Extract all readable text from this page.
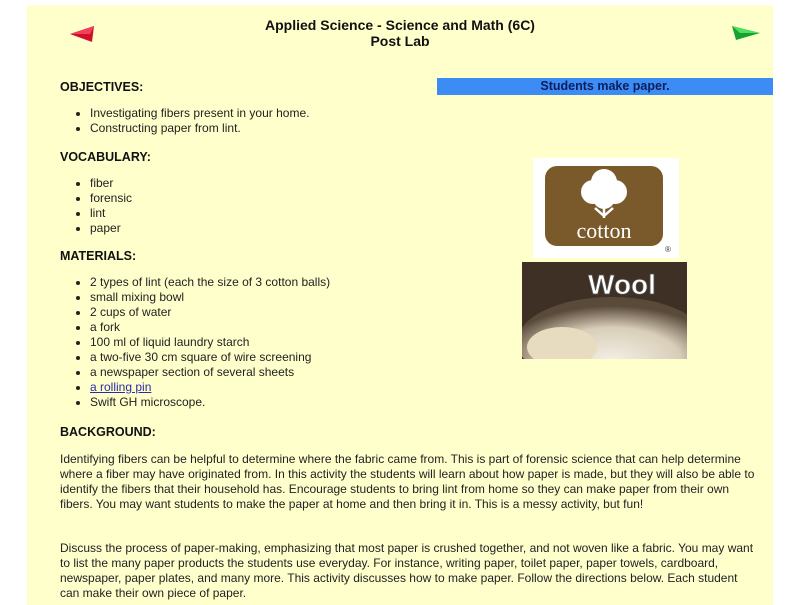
Applied Science - Science and Math (6C)
Post Lab
Students make paper.
OBJECTIVES:
• Investigating fibers present in your home.
• Constructing paper from lint.
VOCABULARY:
• fiber
• forensic
• lint
• paper
MATERIALS:
• 2 types of lint (each the size of 3 cotton balls)
• small mixing bowl
• 2 cups of water
• a fork
• 100 ml of liquid laundry starch
• a two-five 30 cm square of wire screening
• a newspaper section of several sheets
• a rolling pin
• Swift GH microscope.
BACKGROUND:

Identifying fibers can be helpful to determine where the fabric came from. This is part of forensic science that can help determine where a fiber may have originated from. In this activity the students will learn about how paper is made, but they will also be able to identify the fibers that their household has. Encourage students to bring lint from home so they can make paper from their own fibers. You may want students to make the paper at home and then bring it in. This is a messy activity, but fun!

Discuss the process of paper-making, emphasizing that most paper is crushed together, and not woven like a fabric. You may want to list the many paper products the students use everyday. For instance, writing paper, toilet paper, paper towels, cardboard, newspaper, paper plates, and many more. This activity discusses how to make paper. Follow the directions below. Each student can make their own piece of paper.

cotton
®
Wool
